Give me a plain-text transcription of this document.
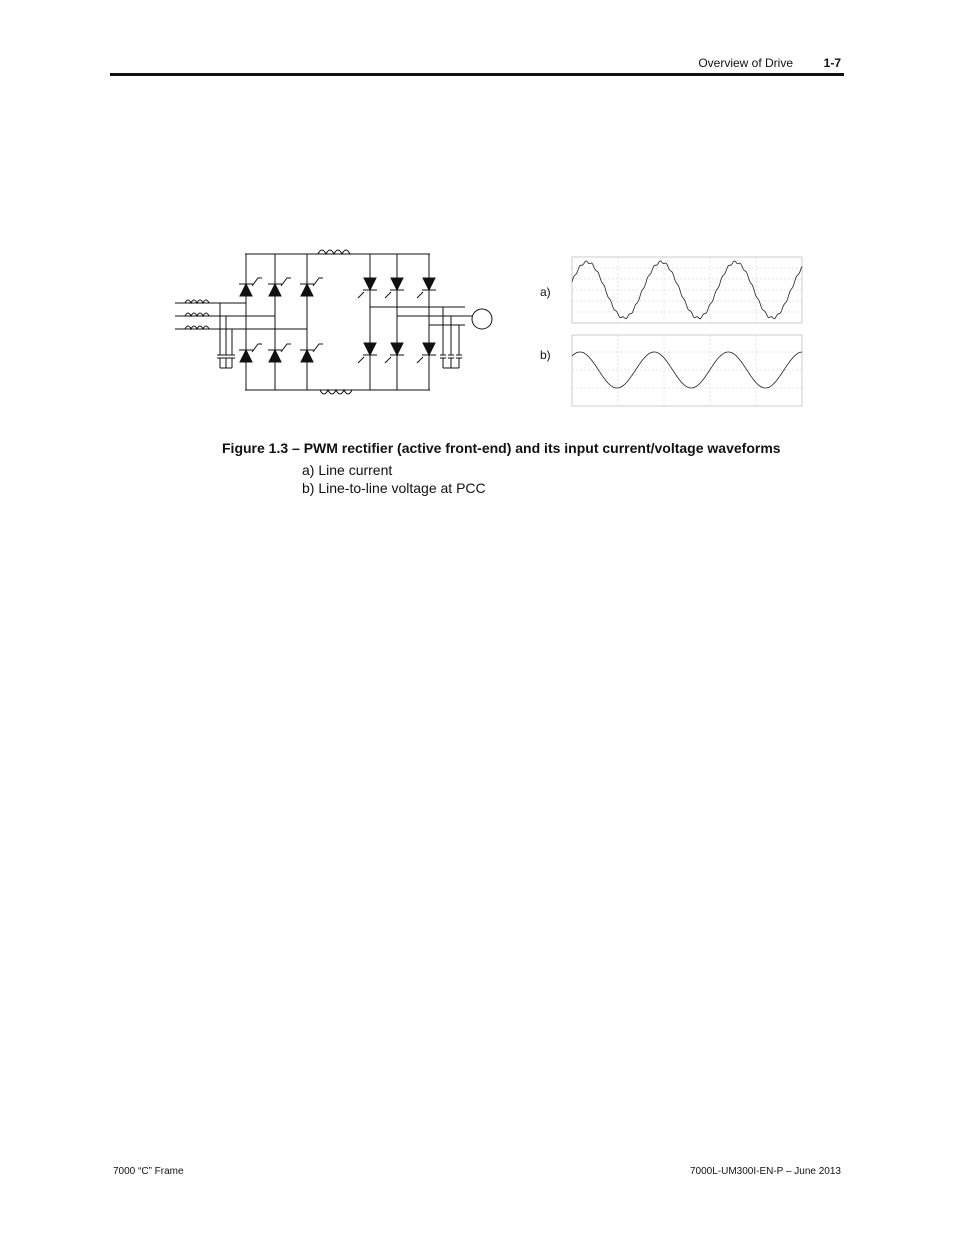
Overview of Drive	1-7
a)
b)
Figure 1.3 – PWM rectifier (active front-end) and its input current/voltage waveforms
a) Line current
b) Line-to-line voltage at PCC
7000 “C” Frame	7000L-UM300I-EN-P – June 2013
